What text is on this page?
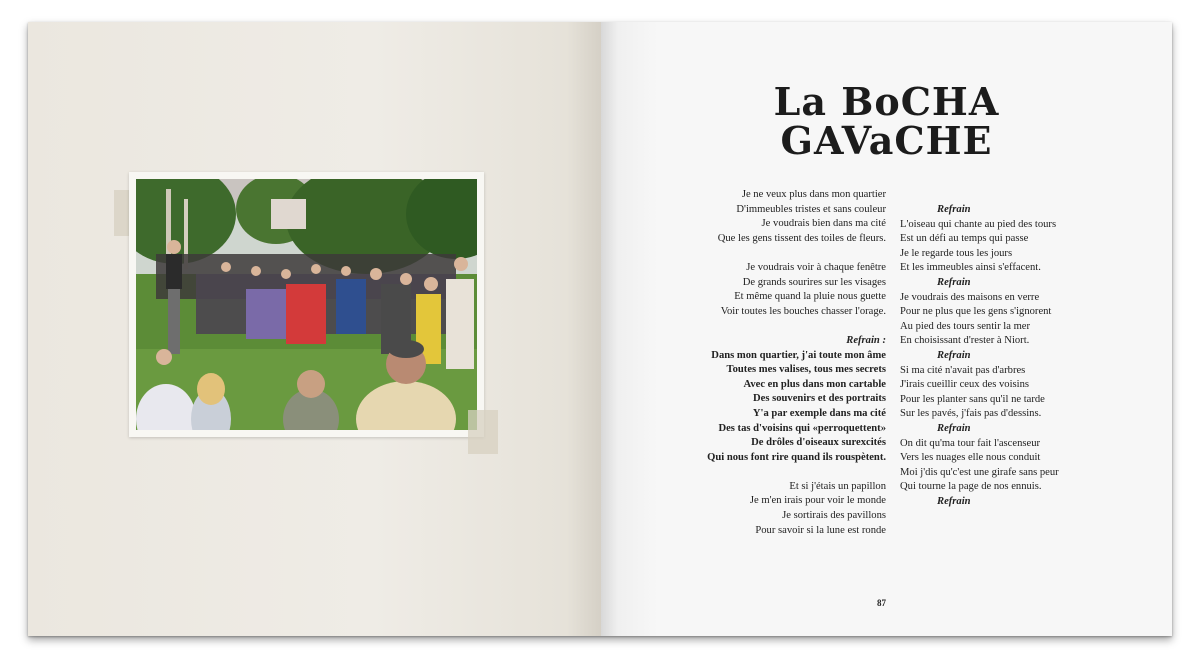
La BoCHA
GAVaCHE
Je ne veux plus dans mon quartier
D'immeubles tristes et sans couleur
Je voudrais bien dans ma cité
Que les gens tissent des toiles de fleurs.
Je voudrais voir à chaque fenêtre
De grands sourires sur les visages
Et même quand la pluie nous guette
Voir toutes les bouches chasser l'orage.
Refrain :
Dans mon quartier, j'ai toute mon âme
Toutes mes valises, tous mes secrets
Avec en plus dans mon cartable
Des souvenirs et des portraits
Y'a par exemple dans ma cité
Des tas d'voisins qui «perroquettent»
De drôles d'oiseaux surexcités
Qui nous font rire quand ils rouspètent.
Et si j'étais un papillon
Je m'en irais pour voir le monde
Je sortirais des pavillons
Pour savoir si la lune est ronde
Refrain
L'oiseau qui chante au pied des tours
Est un défi au temps qui passe
Je le regarde tous les jours
Et les immeubles ainsi s'effacent.
Refrain
Je voudrais des maisons en verre
Pour ne plus que les gens s'ignorent
Au pied des tours sentir la mer
En choisissant d'rester à Niort.
Refrain
Si ma cité n'avait pas d'arbres
J'irais cueillir ceux des voisins
Pour les planter sans qu'il ne tarde
Sur les pavés, j'fais pas d'dessins.
Refrain
On dit qu'ma tour fait l'ascenseur
Vers les nuages elle nous conduit
Moi j'dis qu'c'est une girafe sans peur
Qui tourne la page de nos ennuis.
Refrain
87
